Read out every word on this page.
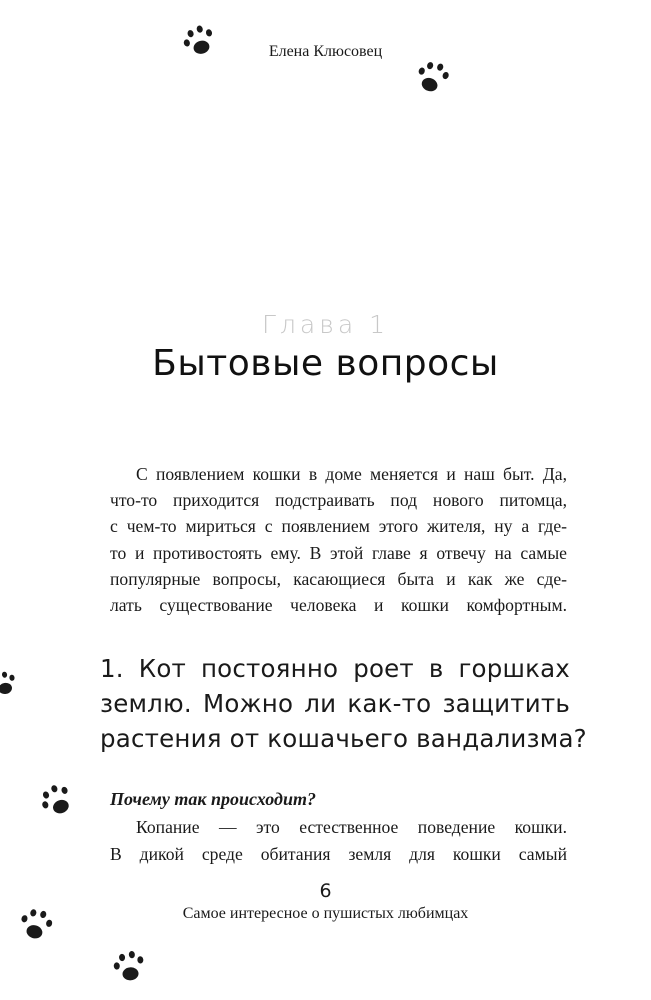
Елена Клюсовец
Глава 1
Бытовые вопросы
С появлением кошки в доме меняется и наш быт. Да,
что-то приходится подстраивать под нового питомца,
с чем-то мириться с появлением этого жителя, ну а где-
то и противостоять ему. В этой главе я отвечу на самые
популярные вопросы, касающиеся быта и как же сде-
лать существование человека и кошки комфортным.
1. Кот постоянно роет в горшках
землю. Можно ли как-то защитить
растения от кошачьего вандализма?
Почему так происходит?
Копание — это естественное поведение кошки.
В дикой среде обитания земля для кошки самый
6
Самое интересное о пушистых любимцах
